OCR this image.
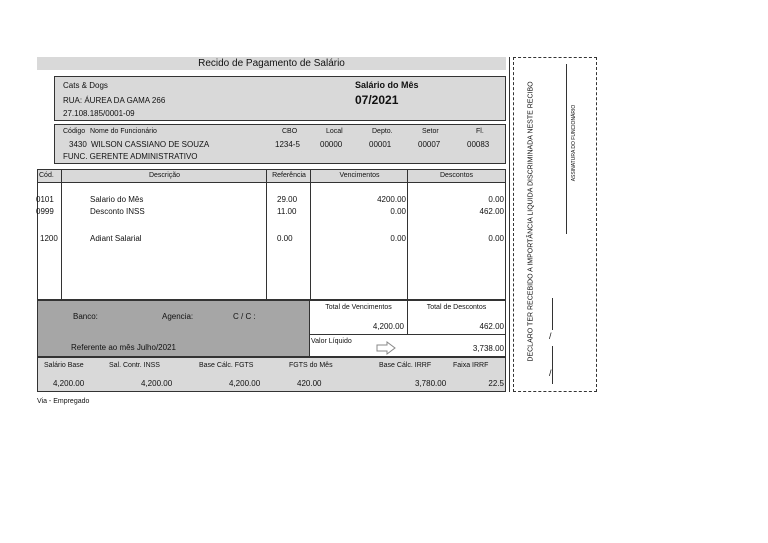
Recido de Pagamento de Salário
Cats & Dogs
RUA: ÁUREA DA GAMA 266
27.108.185/0001-09
Salário do Mês
07/2021
Código Nome do Funcionário	CBO	Local	Depto.	Setor	Fl.
3430 WILSON CASSIANO DE SOUZA	1234-5	00000	00001	00007	00083
FUNC. GERENTE ADMINISTRATIVO
Cód.	Descrição	Referência	Vencimentos	Descontos
0101	Salario do Mês	29.00	4200.00	0.00
0999	Desconto INSS	11.00	0.00	462.00
1200	Adiant Salarial	0.00	0.00	0.00
Banco:	Agencia:	C / C :
Referente ao mês Julho/2021
Total de Vencimentos
4,200.00
Total de Descontos
462.00
Valor Líquido
3,738.00
Salário Base	Sal. Contr. INSS	Base Cálc. FGTS	FGTS do Mês	Base Cálc. IRRF	Faixa IRRF
4,200.00	4,200.00	4,200.00	420.00	3,780.00	22.5
Via - Empregado
DECLARO TER RECEBIDO A IMPORTÂNCIA LIQUIDA DISCRIMINADA NESTE RECIBO	ASSINATURA DO FUNCIONÁRIO
/
/
